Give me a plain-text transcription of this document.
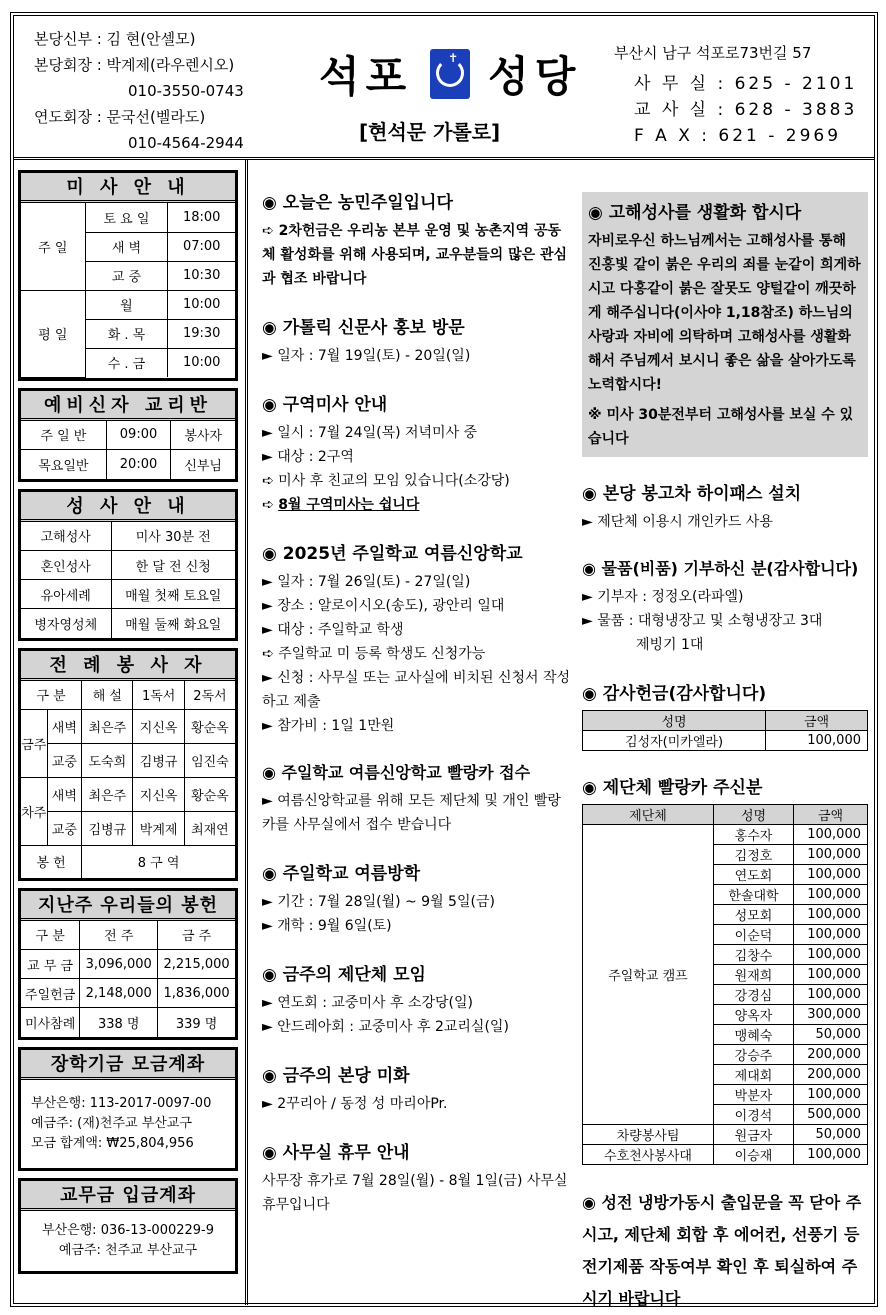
본당신부 : 김 현(안셀모)
본당회장 : 박계제(라우렌시오)
010-3550-0743
연도회장 : 문국선(벨라도)
010-4564-2944
석포	✝ 성당
[현석문 가롤로]
부산시 남구 석포로73번길 57
사 무 실 : 625 - 2101
교 사 실 : 628 - 3883
F A X : 621 - 2969
미 사 안 내
주 일	토 요 일	18:00
	새 벽	07:00
	교 중	10:30
평 일	월	10:00
	화 . 목	19:30
	수 . 금	10:00
예비신자 교리반
주 일 반	09:00	봉사자
목요일반	20:00	신부님
성 사 안 내
고해성사	미사 30분 전
혼인성사	한 달 전 신청
유아세례	매월 첫째 토요일
병자영성체	매월 둘째 화요일
전 례 봉 사 자
구 분		해 설	1독서	2독서
금주	새벽	최은주	지신옥	황순옥
	교중	도숙희	김병규	임진숙
차주	새벽	최은주	지신옥	황순옥
	교중	김병규	박계제	최재연
봉 헌		8 구 역		
지난주 우리들의 봉헌
구 분	전 주	금 주
교 무 금	3,096,000	2,215,000
주일헌금	2,148,000	1,836,000
미사참례	338 명	339 명
장학기금 모금계좌
부산은행: 113-2017-0097-00
예금주: (재)천주교 부산교구
모금 합계액: ₩25,804,956
교무금 입금계좌
부산은행: 036-13-000229-9
예금주: 천주교 부산교구
◉ 오늘은 농민주일입니다

➪ 2차헌금은 우리농 본부 운영 및 농촌지역 공동체 활성화를 위해 사용되며, 교우분들의 많은 관심과 협조 바랍니다

◉ 가톨릭 신문사 홍보 방문

► 일자 : 7월 19일(토) - 20일(일)

◉ 구역미사 안내

► 일시 : 7월 24일(목) 저녁미사 중

► 대상 : 2구역

➪ 미사 후 친교의 모임 있습니다(소강당)

➪ 8월 구역미사는 쉽니다

◉ 2025년 주일학교 여름신앙학교

► 일자 : 7월 26일(토) - 27일(일)

► 장소 : 알로이시오(송도), 광안리 일대

► 대상 : 주일학교 학생

➪ 주일학교 미 등록 학생도 신청가능

► 신청 : 사무실 또는 교사실에 비치된 신청서 작성하고 제출

► 참가비 : 1일 1만원

◉ 주일학교 여름신앙학교 빨랑카 접수

► 여름신앙학교를 위해 모든 제단체 및 개인 빨랑카를 사무실에서 접수 받습니다

◉ 주일학교 여름방학

► 기간 : 7월 28일(월) ~ 9월 5일(금)

► 개학 : 9월 6일(토)

◉ 금주의 제단체 모임

► 연도회 : 교중미사 후 소강당(일)

► 안드레아회 : 교중미사 후 2교리실(일)

◉ 금주의 본당 미화

► 2꾸리아 / 동정 성 마리아Pr.

◉ 사무실 휴무 안내

사무장 휴가로 7월 28일(월) - 8월 1일(금) 사무실 휴무입니다

◉ 고해성사를 생활화 합시다

자비로우신 하느님께서는 고해성사를 통해 진홍빛 같이 붉은 우리의 죄를 눈같이 희게하시고 다홍같이 붉은 잘못도 양털같이 깨끗하게 해주십니다(이사야 1,18참조) 하느님의 사랑과 자비에 의탁하며 고해성사를 생활화해서 주님께서 보시니 좋은 삶을 살아가도록 노력합시다!

※ 미사 30분전부터 고해성사를 보실 수 있습니다

◉ 본당 봉고차 하이패스 설치

► 제단체 이용시 개인카드 사용

◉ 물품(비품) 기부하신 분(감사합니다)

► 기부자 : 정정오(라파엘)

► 물품 : 대형냉장고 및 소형냉장고 3대

제빙기 1대

◉ 감사헌금(감사합니다)
성명	금액
김성자(미카엘라)	100,000
◉ 제단체 빨랑카 주신분
제단체	성명	금액
주일학교 캠프	홍수자	100,000
	김정호	100,000
	연도회	100,000
	한솔대학	100,000
	성모회	100,000
	이순덕	100,000
	김창수	100,000
	원재희	100,000
	강경심	100,000
	양옥자	300,000
	맹혜숙	50,000
	강승주	200,000
	제대회	200,000
	박분자	100,000
	이경석	500,000
차량봉사팀	원금자	50,000
수호천사봉사대	이승재	100,000
◉ 성전 냉방가동시 출입문을 꼭 닫아 주시고, 제단체 회합 후 에어컨, 선풍기 등 전기제품 작동여부 확인 후 퇴실하여 주시기 바랍니다
